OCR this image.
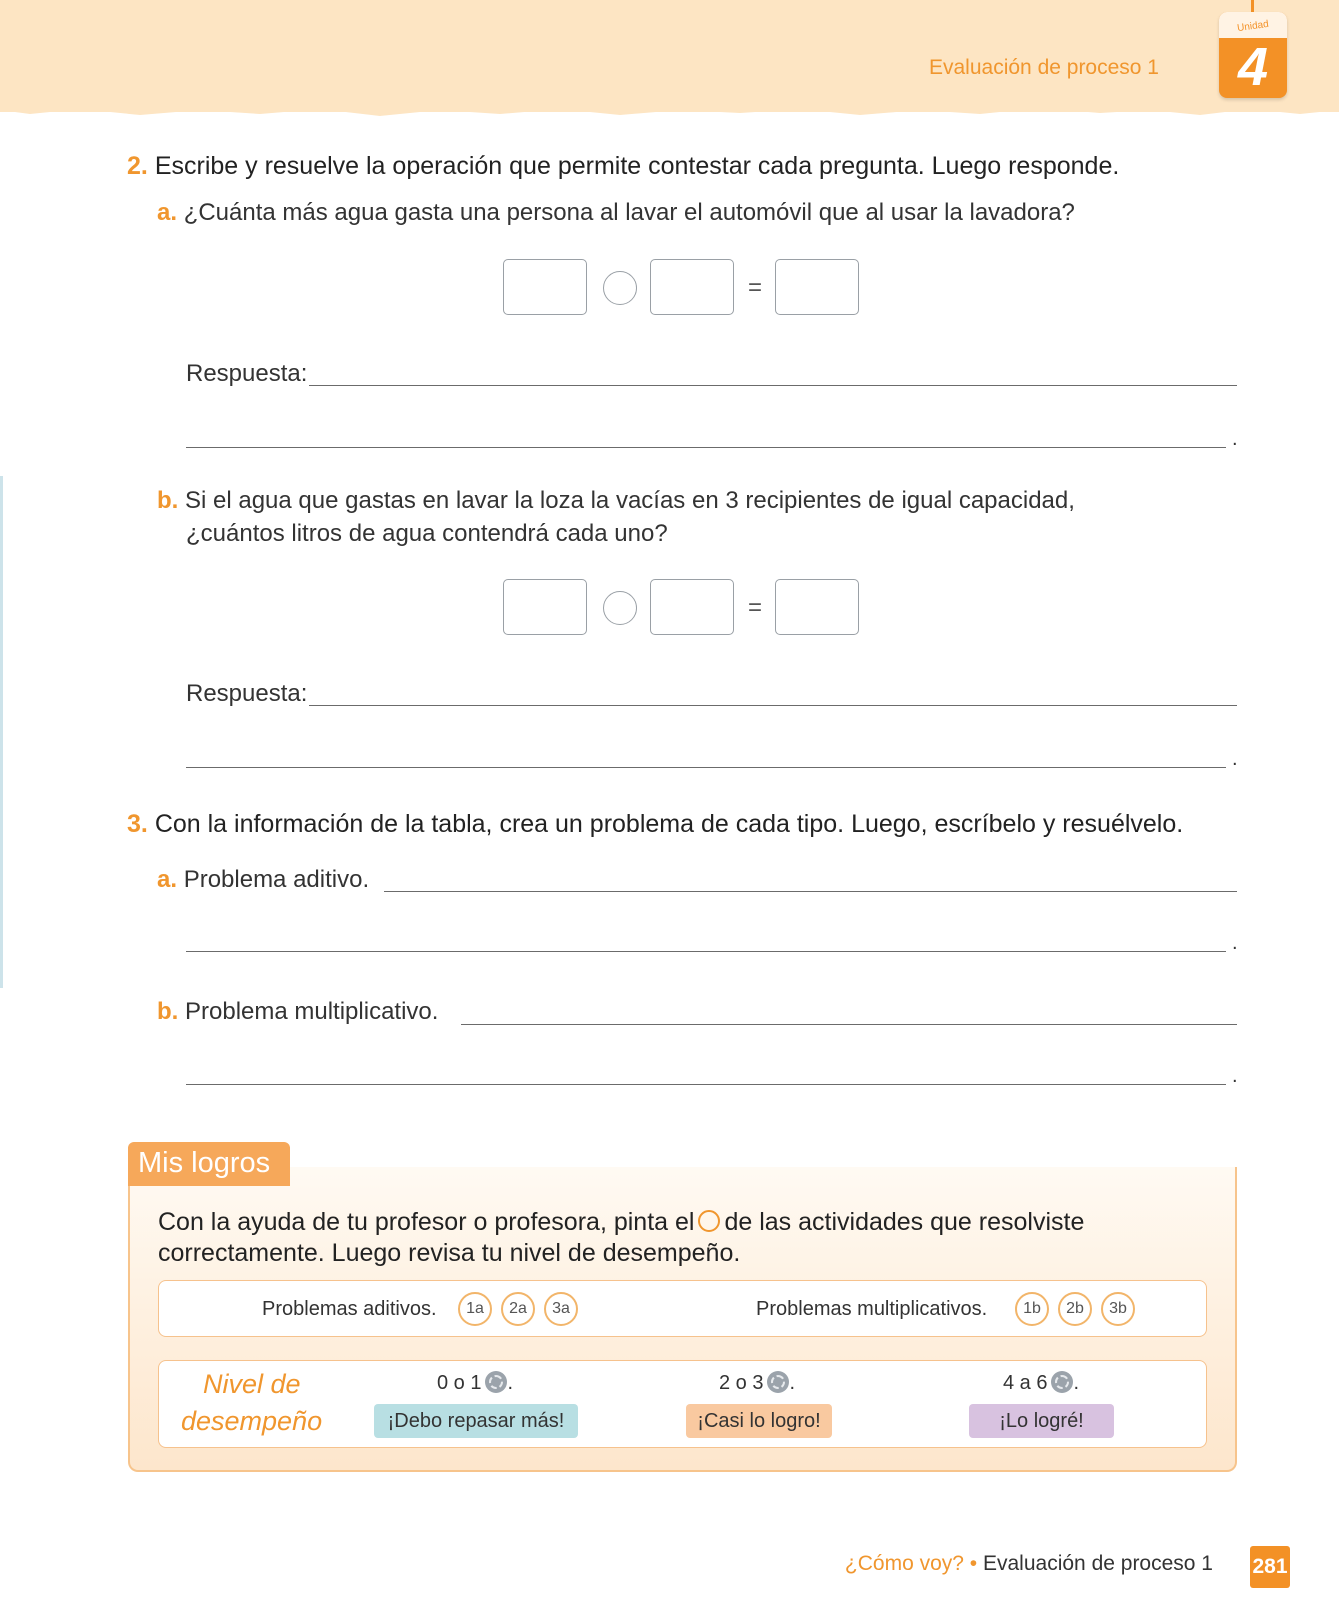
Evaluación de proceso 1
Unidad
4
2. Escribe y resuelve la operación que permite contestar cada pregunta. Luego responde.
a. ¿Cuánta más agua gasta una persona al lavar el automóvil que al usar la lavadora?
=
Respuesta:
.
b. Si el agua que gastas en lavar la loza la vacías en 3 recipientes de igual capacidad,
¿cuántos litros de agua contendrá cada uno?
=
Respuesta:
.
3. Con la información de la tabla, crea un problema de cada tipo. Luego, escríbelo y resuélvelo.
a. Problema aditivo.
.
b. Problema multiplicativo.
.
Mis logros
Con la ayuda de tu profesor o profesora, pinta el de las actividades que resolviste
correctamente. Luego revisa tu nivel de desempeño.
Problemas aditivos.	1a	2a	3a	Problemas multiplicativos.	1b	2b	3b
Nivel de
desempeño
0 o 1 .
¡Debo repasar más!
2 o 3 .
¡Casi lo logro!
4 a 6 .
¡Lo logré!
¿Cómo voy? • Evaluación de proceso 1 281
